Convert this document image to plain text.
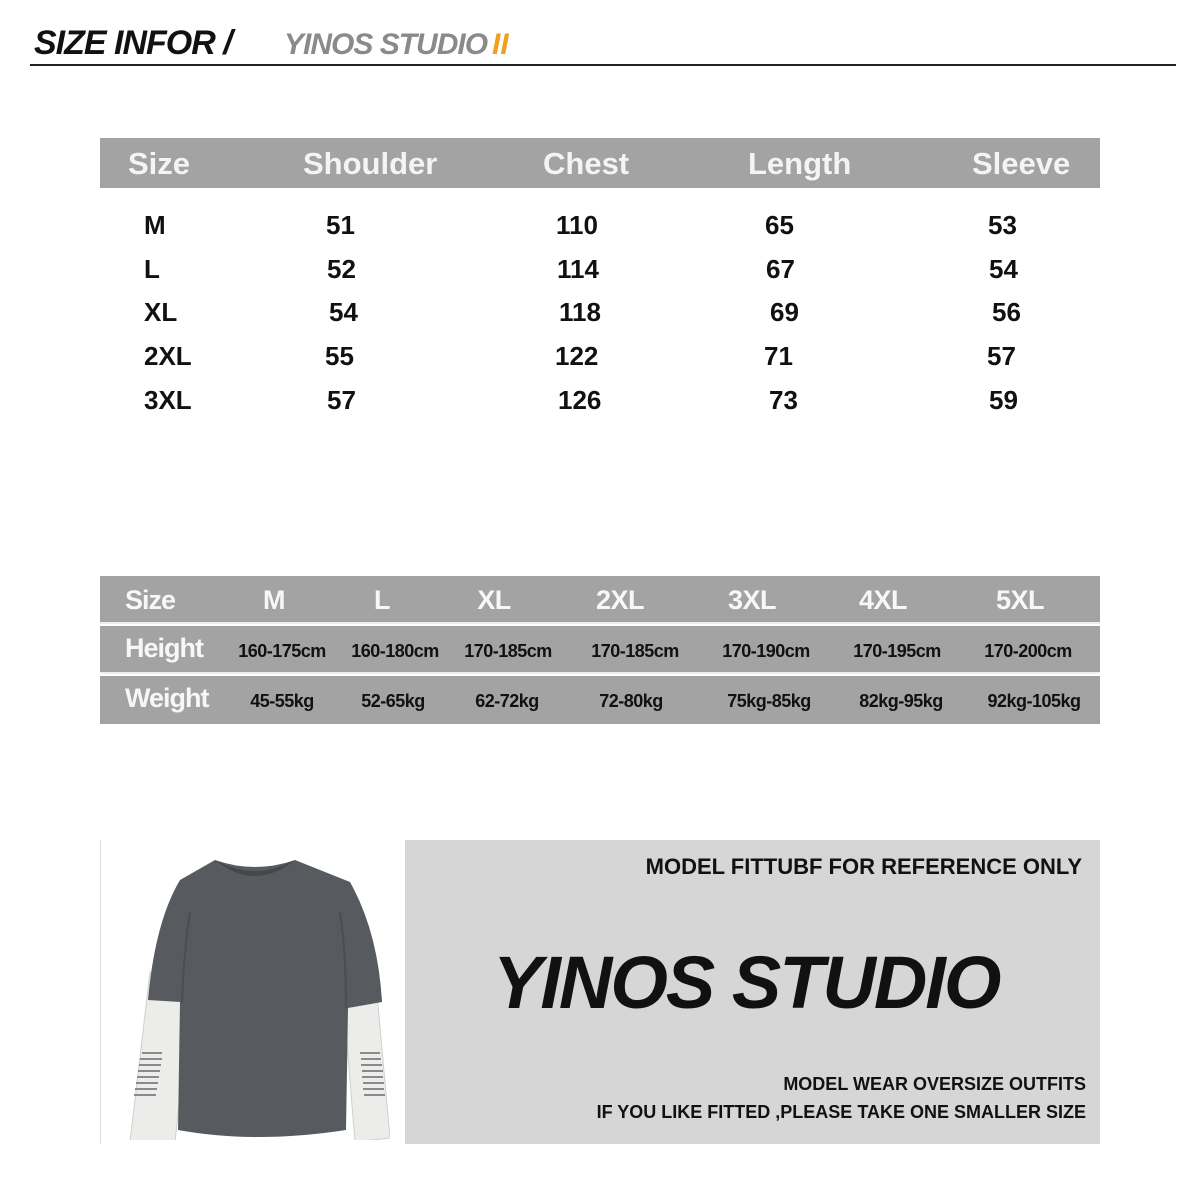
SIZE INFOR / YINOS STUDIO II
Size	Shoulder	Chest	Length	Sleeve
M	51	110	65	53
L	52	114	67	54
XL	54	118	69	56
2XL	55	122	71	57
3XL	57	126	73	59
Size	M	L	XL	2XL	3XL	4XL	5XL
Height 160-175cm 160-180cm 170-185cm 170-185cm 170-190cm 170-195cm 170-200cm
Weight 45-55kg	52-65kg	62-72kg	72-80kg	75kg-85kg	82kg-95kg 92kg-105kg
MODEL FITTUBF FOR REFERENCE ONLY
YINOS STUDIO
MODEL WEAR OVERSIZE OUTFITS
IF YOU LIKE FITTED ,PLEASE TAKE ONE SMALLER SIZE
